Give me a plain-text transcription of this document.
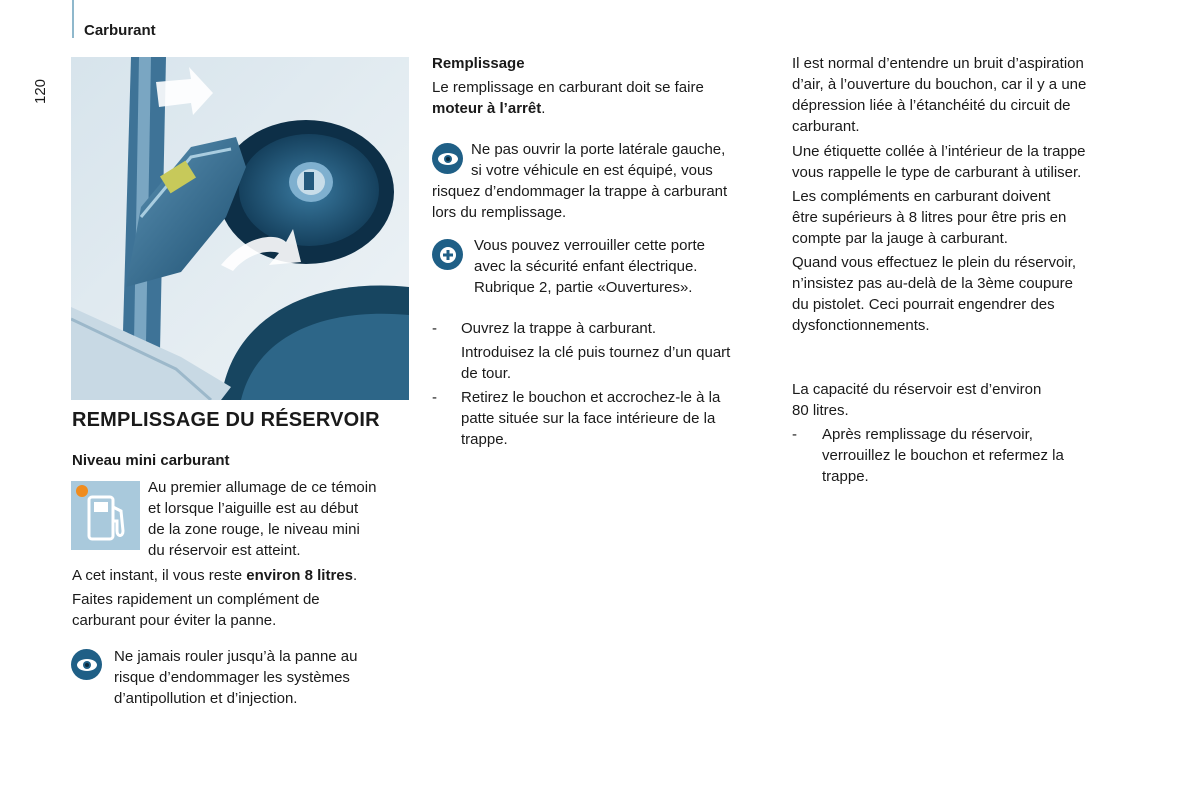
Carburant
120
REMPLISSAGE DU RÉSERVOIR
Niveau mini carburant

Au premier allumage de ce témoin

et lorsque l’aiguille est au début

de la zone rouge, le niveau mini

du réservoir est atteint.

A cet instant, il vous reste environ 8 litres.

Faites rapidement un complément de

carburant pour éviter la panne.

Ne jamais rouler jusqu’à la panne au

risque d’endommager les systèmes

d’antipollution et d’injection.

Remplissage

Le remplissage en carburant doit se faire

moteur à l’arrêt.

Ne pas ouvrir la porte latérale gauche,

si votre véhicule en est équipé, vous

risquez d’endommager la trappe à carburant

lors du remplissage.

Vous pouvez verrouiller cette porte

avec la sécurité enfant électrique.

Rubrique 2, partie «Ouvertures».

-	Ouvrez la trappe à carburant.

Introduisez la clé puis tournez d’un quart

de tour.

-	Retirez le bouchon et accrochez-le à la

patte située sur la face intérieure de la

trappe.

Il est normal d’entendre un bruit d’aspiration

d’air, à l’ouverture du bouchon, car il y a une

dépression liée à l’étanchéité du circuit de

carburant.

Une étiquette collée à l’intérieur de la trappe

vous rappelle le type de carburant à utiliser.

Les compléments en carburant doivent

être supérieurs à 8 litres pour être pris en

compte par la jauge à carburant.

Quand vous effectuez le plein du réservoir,

n’insistez pas au-delà de la 3ème coupure

du pistolet. Ceci pourrait engendrer des

dysfonctionnements.

La capacité du réservoir est d’environ

80 litres.

-	Après remplissage du réservoir,

verrouillez le bouchon et refermez la

trappe.
